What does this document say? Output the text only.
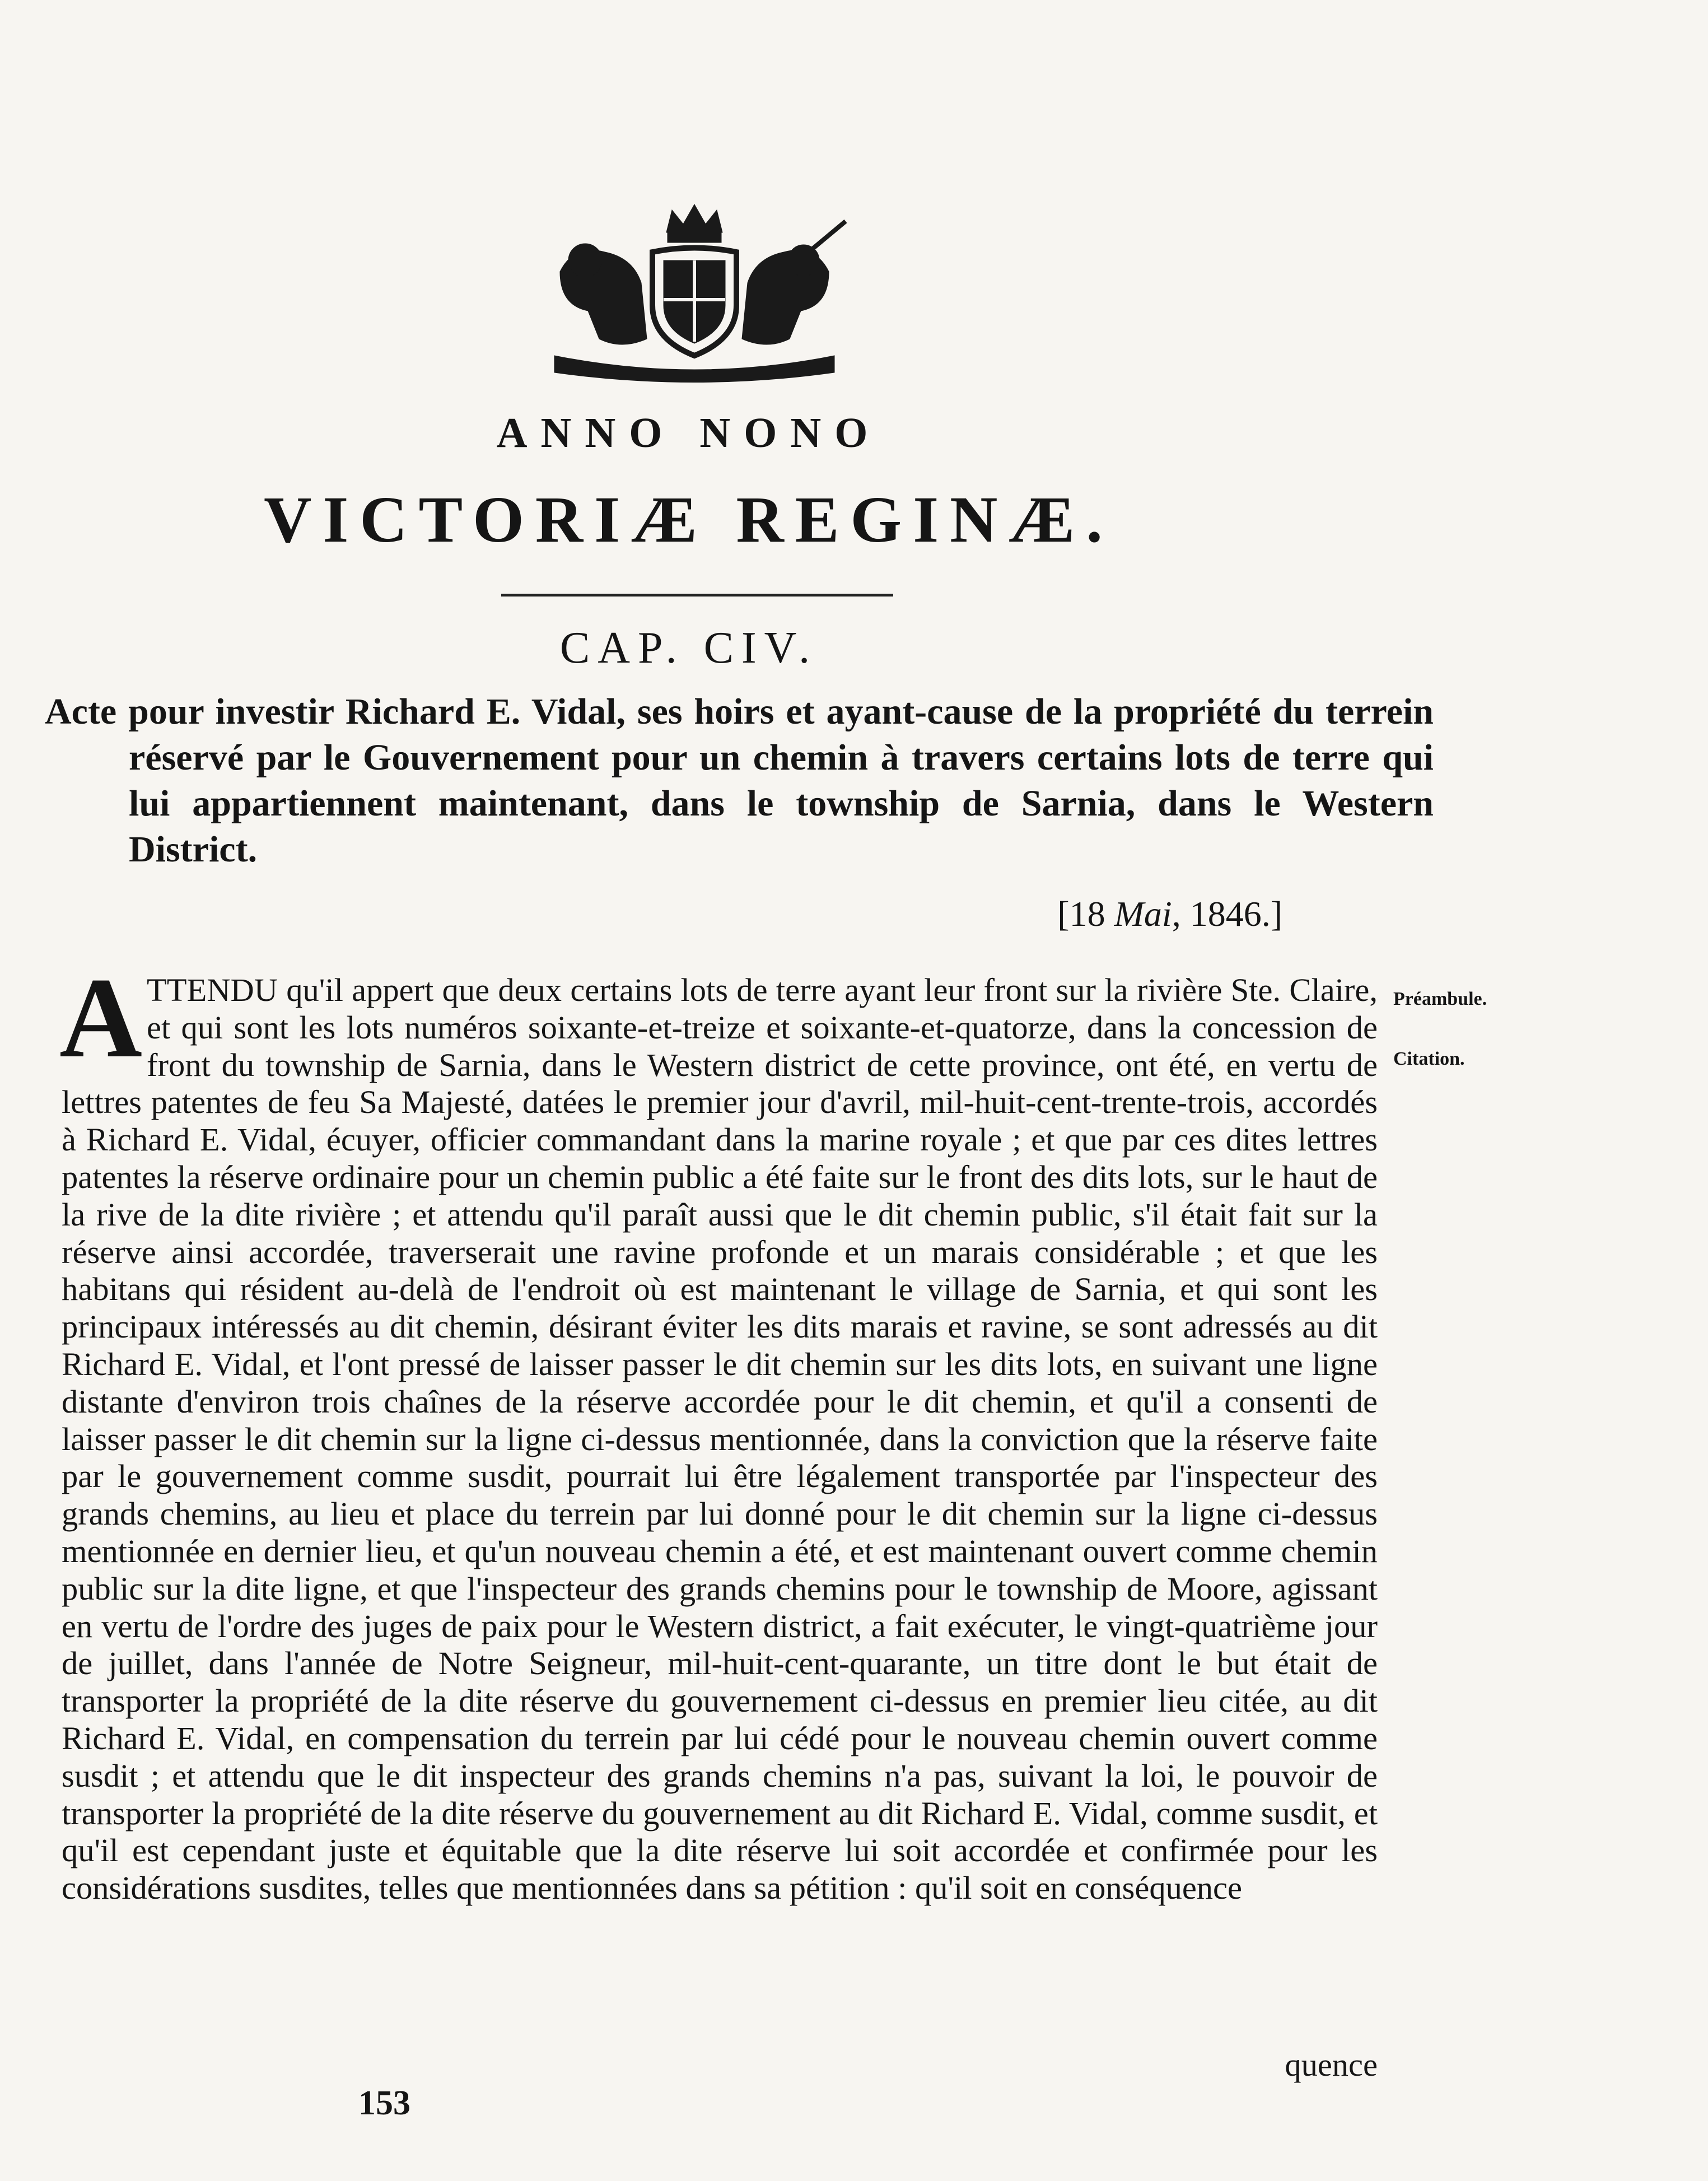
ANNO NONO
VICTORIÆ REGINÆ.
CAP. CIV.
Acte pour investir Richard E. Vidal, ses hoirs et ayant-cause de la propriété du terrein réservé par le Gouvernement pour un chemin à travers certains lots de terre qui lui appartiennent maintenant, dans le township de Sarnia, dans le Western District.
[18 Mai, 1846.]
ATTENDU qu'il appert que deux certains lots de terre ayant leur front sur la rivière Ste. Claire, et qui sont les lots numéros soixante-et-treize et soixante-et-quatorze, dans la concession de front du township de Sarnia, dans le Western district de cette province, ont été, en vertu de lettres patentes de feu Sa Majesté, datées le premier jour d'avril, mil-huit-cent-trente-trois, accordés à Richard E. Vidal, écuyer, officier commandant dans la marine royale ; et que par ces dites lettres patentes la réserve ordinaire pour un chemin public a été faite sur le front des dits lots, sur le haut de la rive de la dite rivière ; et attendu qu'il paraît aussi que le dit chemin public, s'il était fait sur la réserve ainsi accordée, traverserait une ravine profonde et un marais considérable ; et que les habitans qui résident au-delà de l'endroit où est maintenant le village de Sarnia, et qui sont les principaux intéressés au dit chemin, désirant éviter les dits marais et ravine, se sont adressés au dit Richard E. Vidal, et l'ont pressé de laisser passer le dit chemin sur les dits lots, en suivant une ligne distante d'environ trois chaînes de la réserve accordée pour le dit chemin, et qu'il a consenti de laisser passer le dit chemin sur la ligne ci-dessus mentionnée, dans la conviction que la réserve faite par le gouvernement comme susdit, pourrait lui être légalement transportée par l'inspecteur des grands chemins, au lieu et place du terrein par lui donné pour le dit chemin sur la ligne ci-dessus mentionnée en dernier lieu, et qu'un nouveau chemin a été, et est maintenant ouvert comme chemin public sur la dite ligne, et que l'inspecteur des grands chemins pour le township de Moore, agissant en vertu de l'ordre des juges de paix pour le Western district, a fait exécuter, le vingt-quatrième jour de juillet, dans l'année de Notre Seigneur, mil-huit-cent-quarante, un titre dont le but était de transporter la propriété de la dite réserve du gouvernement ci-dessus en premier lieu citée, au dit Richard E. Vidal, en compensation du terrein par lui cédé pour le nouveau chemin ouvert comme susdit ; et attendu que le dit inspecteur des grands chemins n'a pas, suivant la loi, le pouvoir de transporter la propriété de la dite réserve du gouvernement au dit Richard E. Vidal, comme susdit, et qu'il est cependant juste et équitable que la dite réserve lui soit accordée et confirmée pour les considérations susdites, telles que mentionnées dans sa pétition : qu'il soit en conséquence
quence
Préambule.
Citation.
153
